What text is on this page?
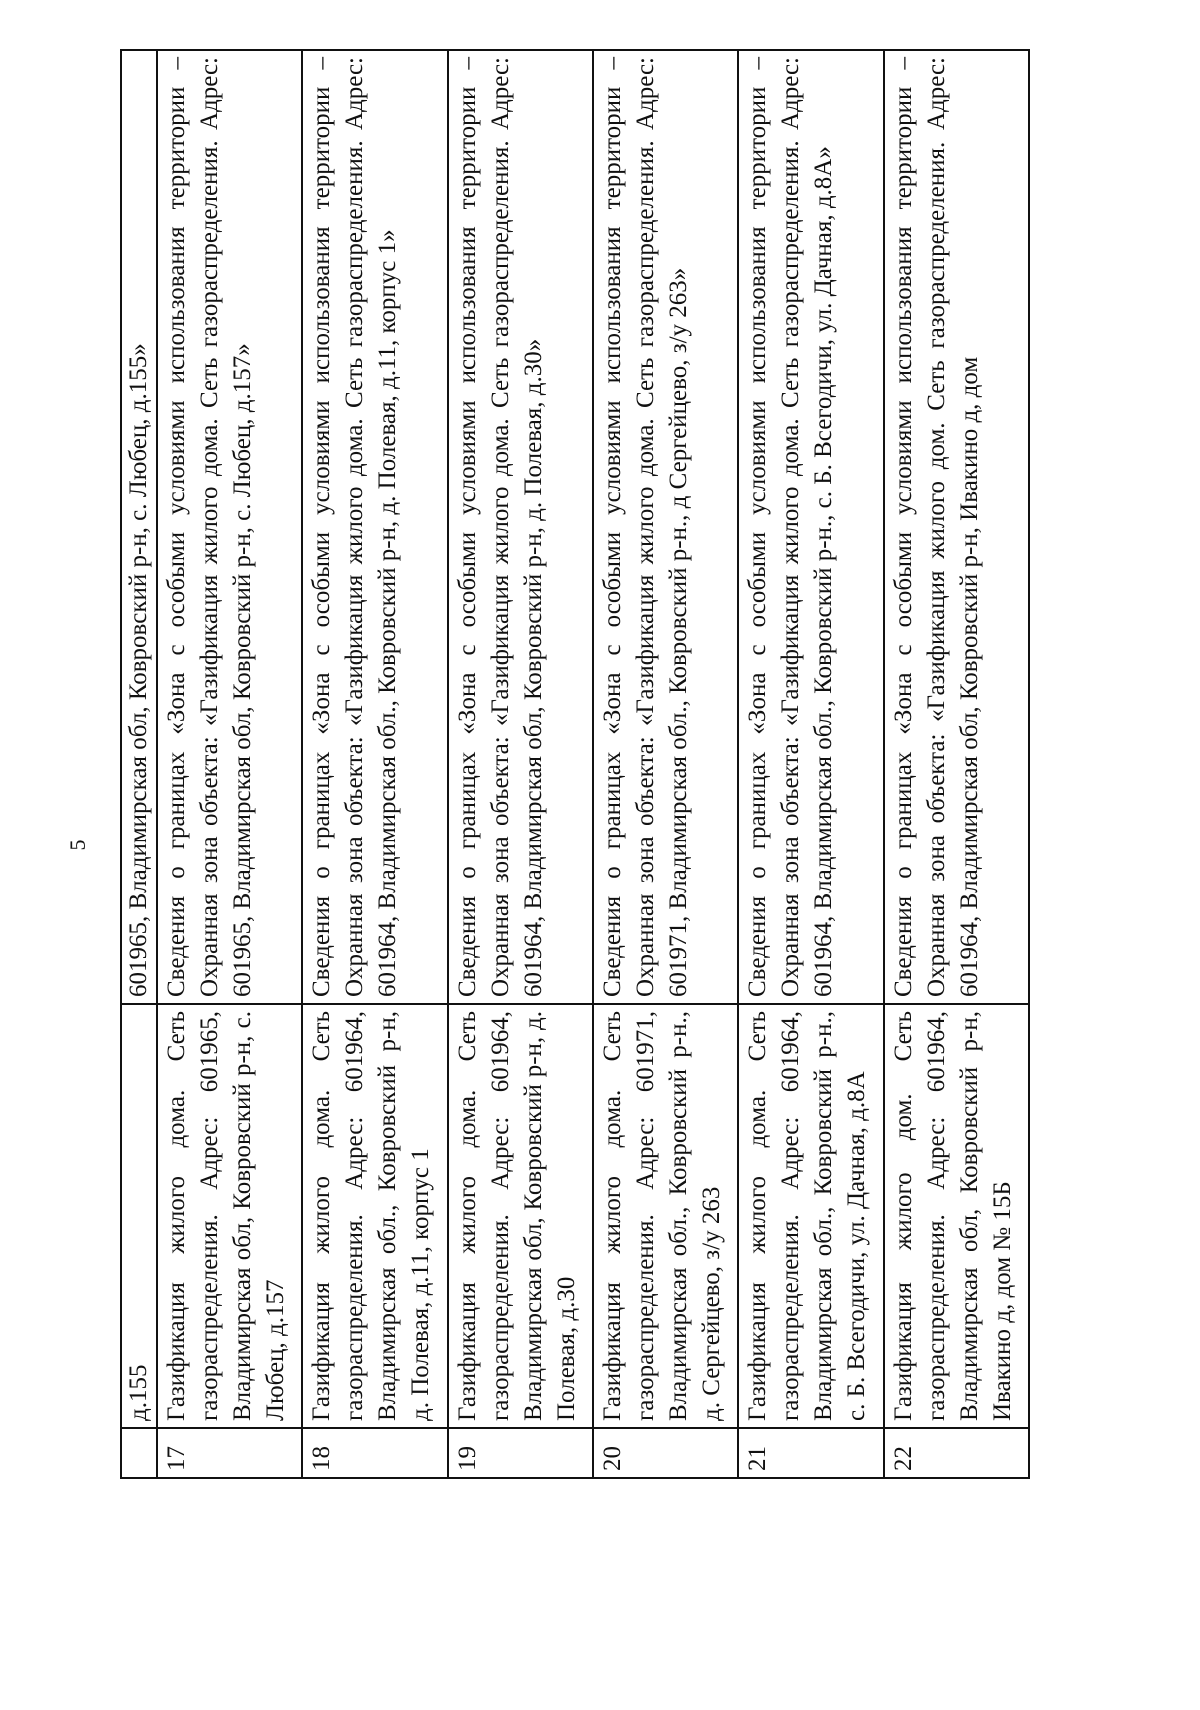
5
	д.155	601965, Владимирская обл, Ковровский р-н, с. Любец, д.155»
17	Газификация жилого дома. Сеть газораспределения. Адрес: 601965, Владимирская обл, Ковровский р-н, с. Любец, д.157	Сведения о границах «Зона с особыми условиями использования территории – Охранная зона объекта: «Газификация жилого дома. Сеть газораспределения. Адрес: 601965, Владимирская обл, Ковровский р-н, с. Любец, д.157»
18	Газификация жилого дома. Сеть газораспределения. Адрес: 601964, Владимирская обл., Ковровский р-н, д. Полевая, д.11, корпус 1	Сведения о границах «Зона с особыми условиями использования территории – Охранная зона объекта: «Газификация жилого дома. Сеть газораспределения. Адрес: 601964, Владимирская обл., Ковровский р-н, д. Полевая, д.11, корпус 1»
19	Газификация жилого дома. Сеть газораспределения. Адрес: 601964, Владимирская обл, Ковровский р-н, д. Полевая, д.30	Сведения о границах «Зона с особыми условиями использования территории – Охранная зона объекта: «Газификация жилого дома. Сеть газораспределения. Адрес: 601964, Владимирская обл, Ковровский р-н, д. Полевая, д.30»
20	Газификация жилого дома. Сеть газораспределения. Адрес: 601971, Владимирская обл., Ковровский р-н., д. Сергейцево, з/у 263	Сведения о границах «Зона с особыми условиями использования территории – Охранная зона объекта: «Газификация жилого дома. Сеть газораспределения. Адрес: 601971, Владимирская обл., Ковровский р-н., д Сергейцево, з/у 263»
21	Газификация жилого дома. Сеть газораспределения. Адрес: 601964, Владимирская обл., Ковровский р-н., с. Б. Всегодичи, ул. Дачная, д.8А	Сведения о границах «Зона с особыми условиями использования территории – Охранная зона объекта: «Газификация жилого дома. Сеть газораспределения. Адрес: 601964, Владимирская обл., Ковровский р-н., с. Б. Всегодичи, ул. Дачная, д.8А»
22	Газификация жилого дом. Сеть газораспределения. Адрес: 601964, Владимирская обл, Ковровский р-н, Ивакино д, дом № 15Б	Сведения о границах «Зона с особыми условиями использования территории – Охранная зона объекта: «Газификация жилого дом. Сеть газораспределения. Адрес: 601964, Владимирская обл, Ковровский р-н, Ивакино д, дом
